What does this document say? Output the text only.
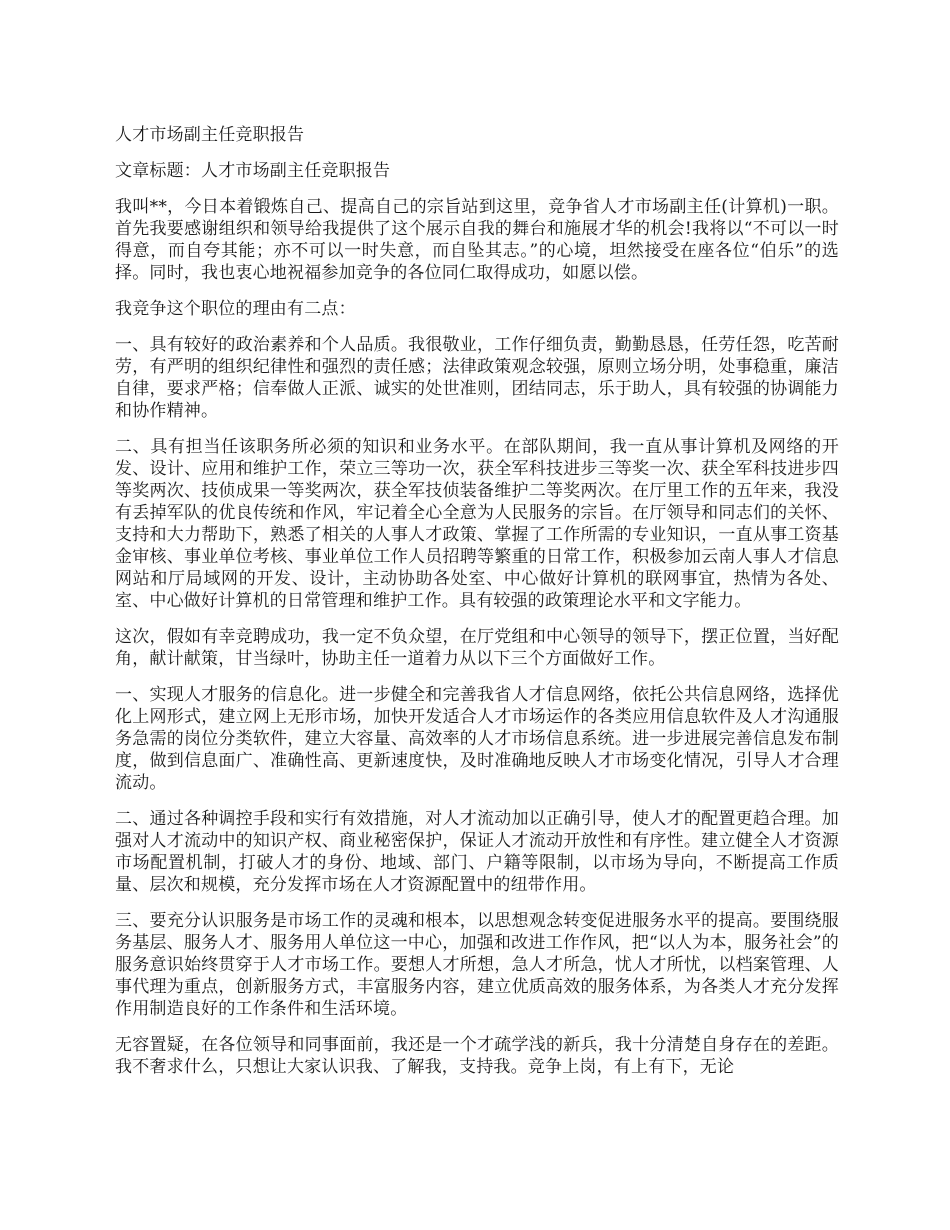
人才市场副主任竞职报告

文章标题：人才市场副主任竞职报告

我叫**，今日本着锻炼自己、提高自己的宗旨站到这里，竞争省人才市场副主任(计算机)一职。首先我要感谢组织和领导给我提供了这个展示自我的舞台和施展才华的机会!我将以“不可以一时得意，而自夸其能；亦不可以一时失意，而自坠其志。”的心境，坦然接受在座各位“伯乐”的选择。同时，我也衷心地祝福参加竞争的各位同仁取得成功，如愿以偿。

我竞争这个职位的理由有二点：

一、具有较好的政治素养和个人品质。我很敬业，工作仔细负责，勤勤恳恳，任劳任怨，吃苦耐劳，有严明的组织纪律性和强烈的责任感；法律政策观念较强，原则立场分明，处事稳重，廉洁自律，要求严格；信奉做人正派、诚实的处世准则，团结同志，乐于助人，具有较强的协调能力和协作精神。

二、具有担当任该职务所必须的知识和业务水平。在部队期间，我一直从事计算机及网络的开发、设计、应用和维护工作，荣立三等功一次，获全军科技进步三等奖一次、获全军科技进步四等奖两次、技侦成果一等奖两次，获全军技侦装备维护二等奖两次。在厅里工作的五年来，我没有丢掉军队的优良传统和作风，牢记着全心全意为人民服务的宗旨。在厅领导和同志们的关怀、支持和大力帮助下，熟悉了相关的人事人才政策、掌握了工作所需的专业知识，一直从事工资基金审核、事业单位考核、事业单位工作人员招聘等繁重的日常工作，积极参加云南人事人才信息网站和厅局域网的开发、设计，主动协助各处室、中心做好计算机的联网事宜，热情为各处、室、中心做好计算机的日常管理和维护工作。具有较强的政策理论水平和文字能力。

这次，假如有幸竞聘成功，我一定不负众望，在厅党组和中心领导的领导下，摆正位置，当好配角，献计献策，甘当绿叶，协助主任一道着力从以下三个方面做好工作。

一、实现人才服务的信息化。进一步健全和完善我省人才信息网络，依托公共信息网络，选择优化上网形式，建立网上无形市场，加快开发适合人才市场运作的各类应用信息软件及人才沟通服务急需的岗位分类软件，建立大容量、高效率的人才市场信息系统。进一步进展完善信息发布制度，做到信息面广、准确性高、更新速度快，及时准确地反映人才市场变化情况，引导人才合理流动。

二、通过各种调控手段和实行有效措施，对人才流动加以正确引导，使人才的配置更趋合理。加强对人才流动中的知识产权、商业秘密保护，保证人才流动开放性和有序性。建立健全人才资源市场配置机制，打破人才的身份、地域、部门、户籍等限制，以市场为导向，不断提高工作质量、层次和规模，充分发挥市场在人才资源配置中的纽带作用。

三、要充分认识服务是市场工作的灵魂和根本，以思想观念转变促进服务水平的提高。要围绕服务基层、服务人才、服务用人单位这一中心，加强和改进工作作风，把“以人为本，服务社会”的服务意识始终贯穿于人才市场工作。要想人才所想，急人才所急，忧人才所忧，以档案管理、人事代理为重点，创新服务方式，丰富服务内容，建立优质高效的服务体系，为各类人才充分发挥作用制造良好的工作条件和生活环境。

无容置疑，在各位领导和同事面前，我还是一个才疏学浅的新兵，我十分清楚自身存在的差距。我不奢求什么，只想让大家认识我、了解我，支持我。竞争上岗，有上有下，无论
